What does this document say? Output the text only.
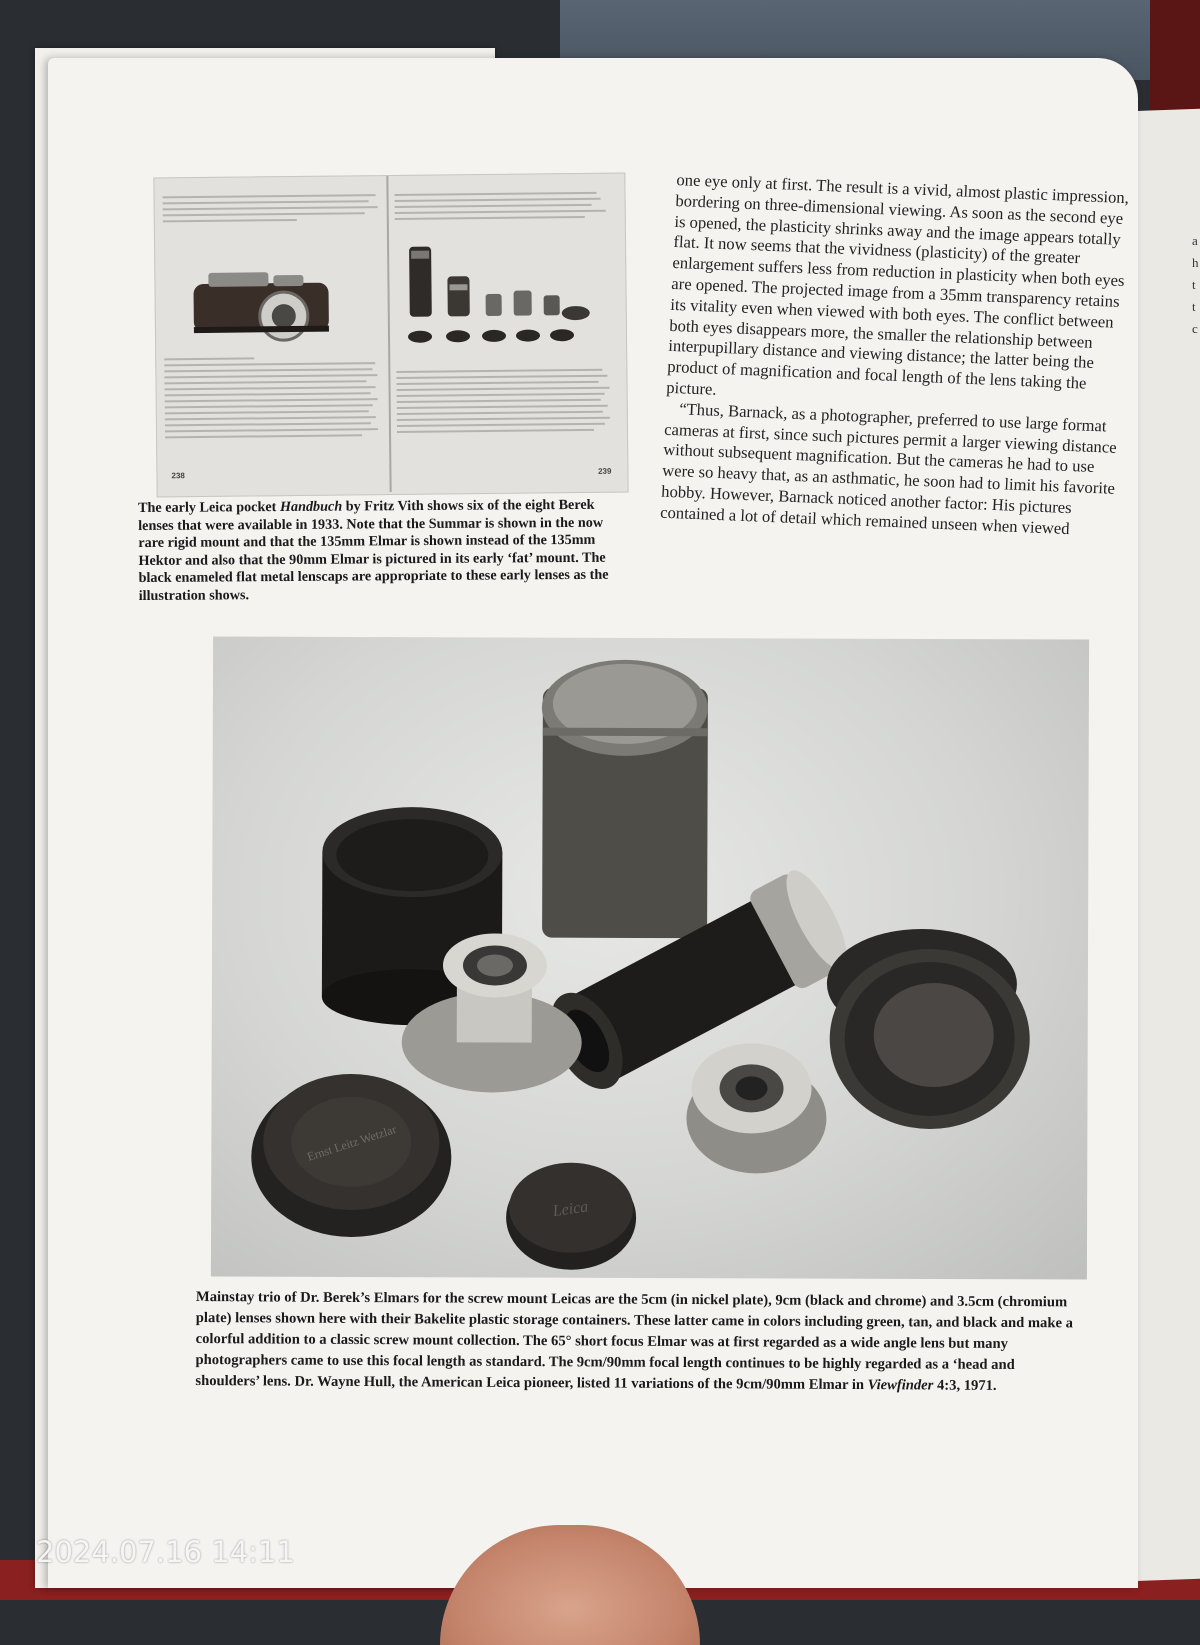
a
h
t
t
c
238	239
The early Leica pocket Handbuch by Fritz Vith shows six of the eight Berek lenses that were available in 1933. Note that the Summar is shown in the now rare rigid mount and that the 135mm Elmar is shown instead of the 135mm Hektor and also that the 90mm Elmar is pictured in its early ‘fat’ mount. The black enameled flat metal lenscaps are appropriate to these early lenses as the illustration shows.

one eye only at first. The result is a vivid, almost plastic impression, bordering on three-dimensional viewing. As soon as the second eye is opened, the plasticity shrinks away and the image appears totally flat. It now seems that the vividness (plasticity) of the greater enlargement suffers less from reduction in plasticity when both eyes are opened. The projected image from a 35mm transparency retains its vitality even when viewed with both eyes. The conflict between both eyes disappears more, the smaller the relationship between interpupillary distance and viewing distance; the latter being the product of magnification and focal length of the lens taking the picture.

“Thus, Barnack, as a photographer, preferred to use large format cameras at first, since such pictures permit a larger viewing distance without subsequent magnification. But the cameras he had to use were so heavy that, as an asthmatic, he soon had to limit his favorite hobby. However, Barnack noticed another factor: His pictures contained a lot of detail which remained unseen when viewed

Ernst Leitz Wetzlar
Leica
Mainstay trio of Dr. Berek’s Elmars for the screw mount Leicas are the 5cm (in nickel plate), 9cm (black and chrome) and 3.5cm (chromium plate) lenses shown here with their Bakelite plastic storage containers. These latter came in colors including green, tan, and black and make a colorful addition to a classic screw mount collection. The 65° short focus Elmar was at first regarded as a wide angle lens but many photographers came to use this focal length as standard. The 9cm/90mm focal length continues to be highly regarded as a ‘head and shoulders’ lens. Dr. Wayne Hull, the American Leica pioneer, listed 11 variations of the 9cm/90mm Elmar in Viewfinder 4:3, 1971.
2024.07.16 14:11
